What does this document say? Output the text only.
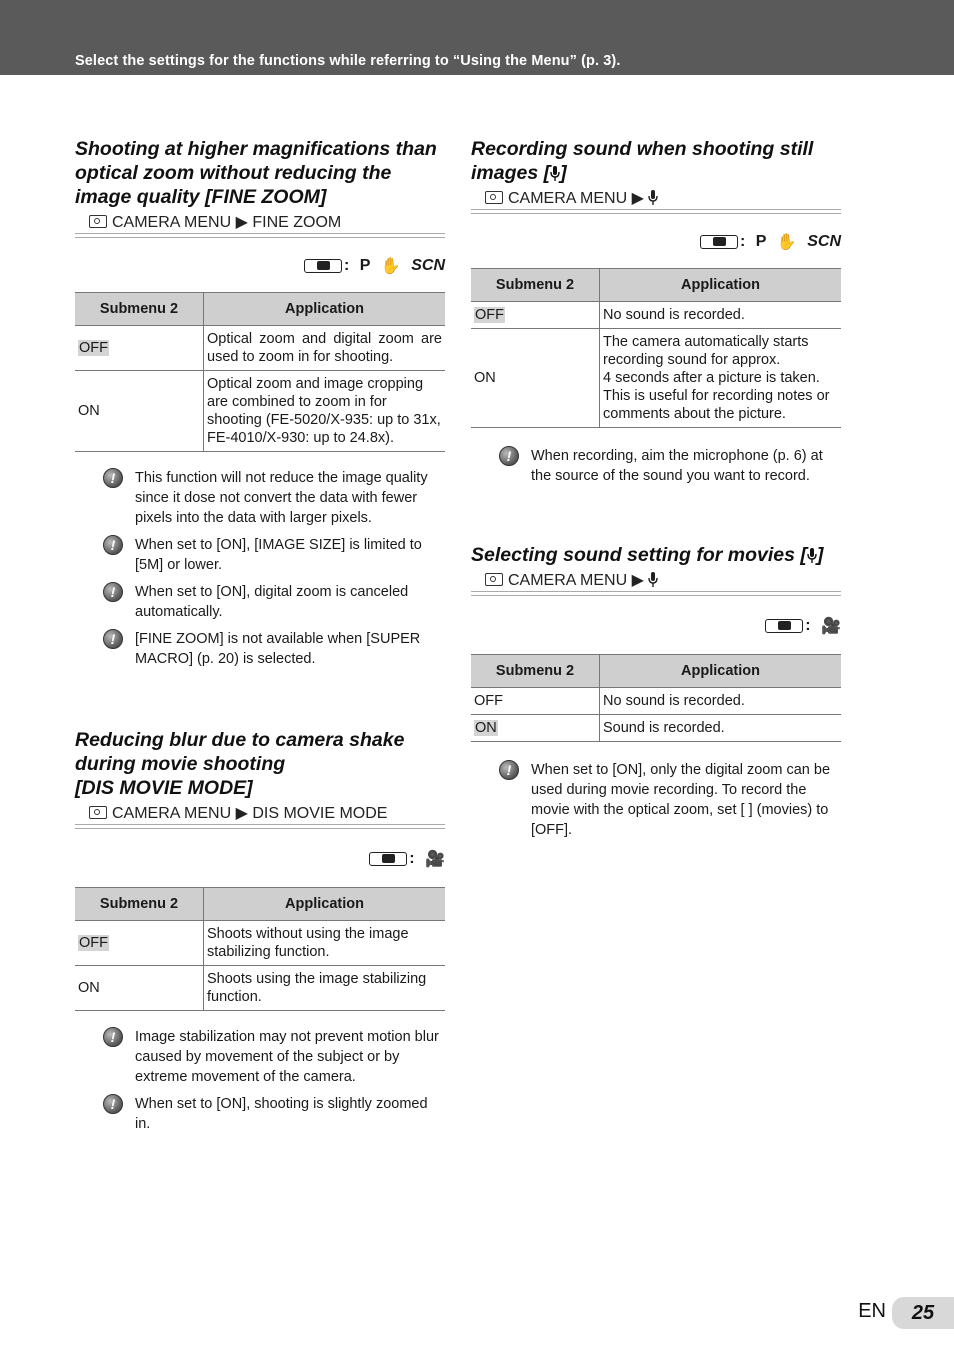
Select the settings for the functions while referring to “Using the Menu” (p. 3).
Shooting at higher magnifications than
optical zoom without reducing the
image quality [FINE ZOOM]
CAMERA MENU ▶ FINE ZOOM
: P ✋ SCN
Submenu 2	Application
OFF	Optical zoom and digital zoom are used to zoom in for shooting.
ON	Optical zoom and image cropping are combined to zoom in for shooting (FE-5020/X-935: up to 31x, FE-4010/X-930: up to 24.8x).
!
This function will not reduce the image quality since it dose not convert the data with fewer pixels into the data with larger pixels.
!
When set to [ON], [IMAGE SIZE] is limited to [5M] or lower.
!
When set to [ON], digital zoom is canceled automatically.
!
[FINE ZOOM] is not available when [SUPER MACRO] (p. 20) is selected.
Reducing blur due to camera shake
during movie shooting
[DIS MOVIE MODE]
CAMERA MENU ▶ DIS MOVIE MODE
: 🎥
Submenu 2	Application
OFF	Shoots without using the image stabilizing function.
ON	Shoots using the image stabilizing function.
!
Image stabilization may not prevent motion blur caused by movement of the subject or by extreme movement of the camera.
!
When set to [ON], shooting is slightly zoomed in.
Recording sound when shooting still
images [ ]
CAMERA MENU ▶
: P ✋ SCN
Submenu 2	Application
OFF	No sound is recorded.
ON	The camera automatically starts recording sound for approx.
4 seconds after a picture is taken. This is useful for recording notes or comments about the picture.
!
When recording, aim the microphone (p. 6) at the source of the sound you want to record.
Selecting sound setting for movies [ ]
CAMERA MENU ▶
: 🎥
Submenu 2	Application
OFF	No sound is recorded.
ON	Sound is recorded.
!
When set to [ON], only the digital zoom can be used during movie recording. To record the movie with the optical zoom, set [ ] (movies) to [OFF].
EN	25
